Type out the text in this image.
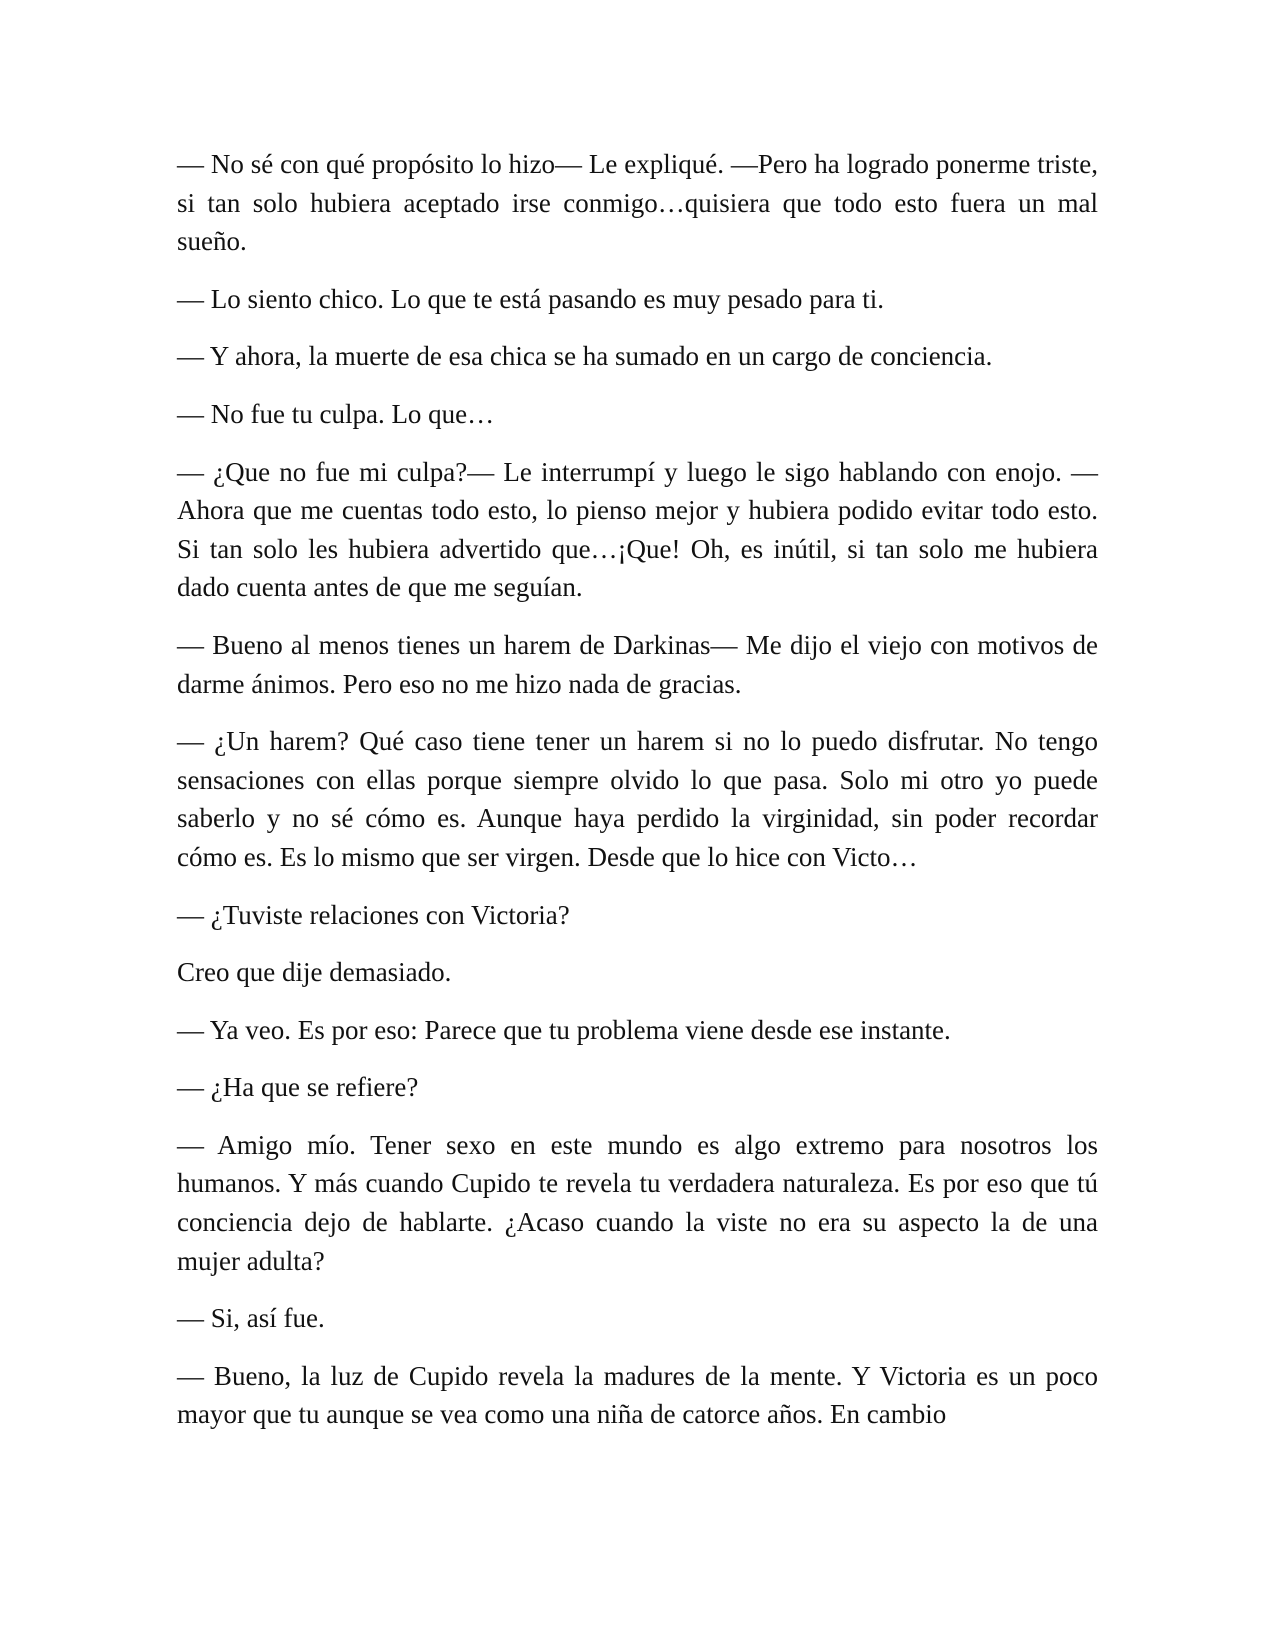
— No sé con qué propósito lo hizo— Le expliqué. —Pero ha logrado ponerme triste, si tan solo hubiera aceptado irse conmigo…quisiera que todo esto fuera un mal sueño.

— Lo siento chico. Lo que te está pasando es muy pesado para ti.

— Y ahora, la muerte de esa chica se ha sumado en un cargo de conciencia.

— No fue tu culpa. Lo que…

— ¿Que no fue mi culpa?— Le interrumpí y luego le sigo hablando con enojo. — Ahora que me cuentas todo esto, lo pienso mejor y hubiera podido evitar todo esto. Si tan solo les hubiera advertido que…¡Que! Oh, es inútil, si tan solo me hubiera dado cuenta antes de que me seguían.

— Bueno al menos tienes un harem de Darkinas— Me dijo el viejo con motivos de darme ánimos. Pero eso no me hizo nada de gracias.

— ¿Un harem? Qué caso tiene tener un harem si no lo puedo disfrutar. No tengo sensaciones con ellas porque siempre olvido lo que pasa. Solo mi otro yo puede saberlo y no sé cómo es. Aunque haya perdido la virginidad, sin poder recordar cómo es. Es lo mismo que ser virgen. Desde que lo hice con Victo…

— ¿Tuviste relaciones con Victoria?

Creo que dije demasiado.

— Ya veo. Es por eso: Parece que tu problema viene desde ese instante.

— ¿Ha que se refiere?

— Amigo mío. Tener sexo en este mundo es algo extremo para nosotros los humanos. Y más cuando Cupido te revela tu verdadera naturaleza. Es por eso que tú conciencia dejo de hablarte. ¿Acaso cuando la viste no era su aspecto la de una mujer adulta?

— Si, así fue.

— Bueno, la luz de Cupido revela la madures de la mente. Y Victoria es un poco mayor que tu aunque se vea como una niña de catorce años. En cambio
